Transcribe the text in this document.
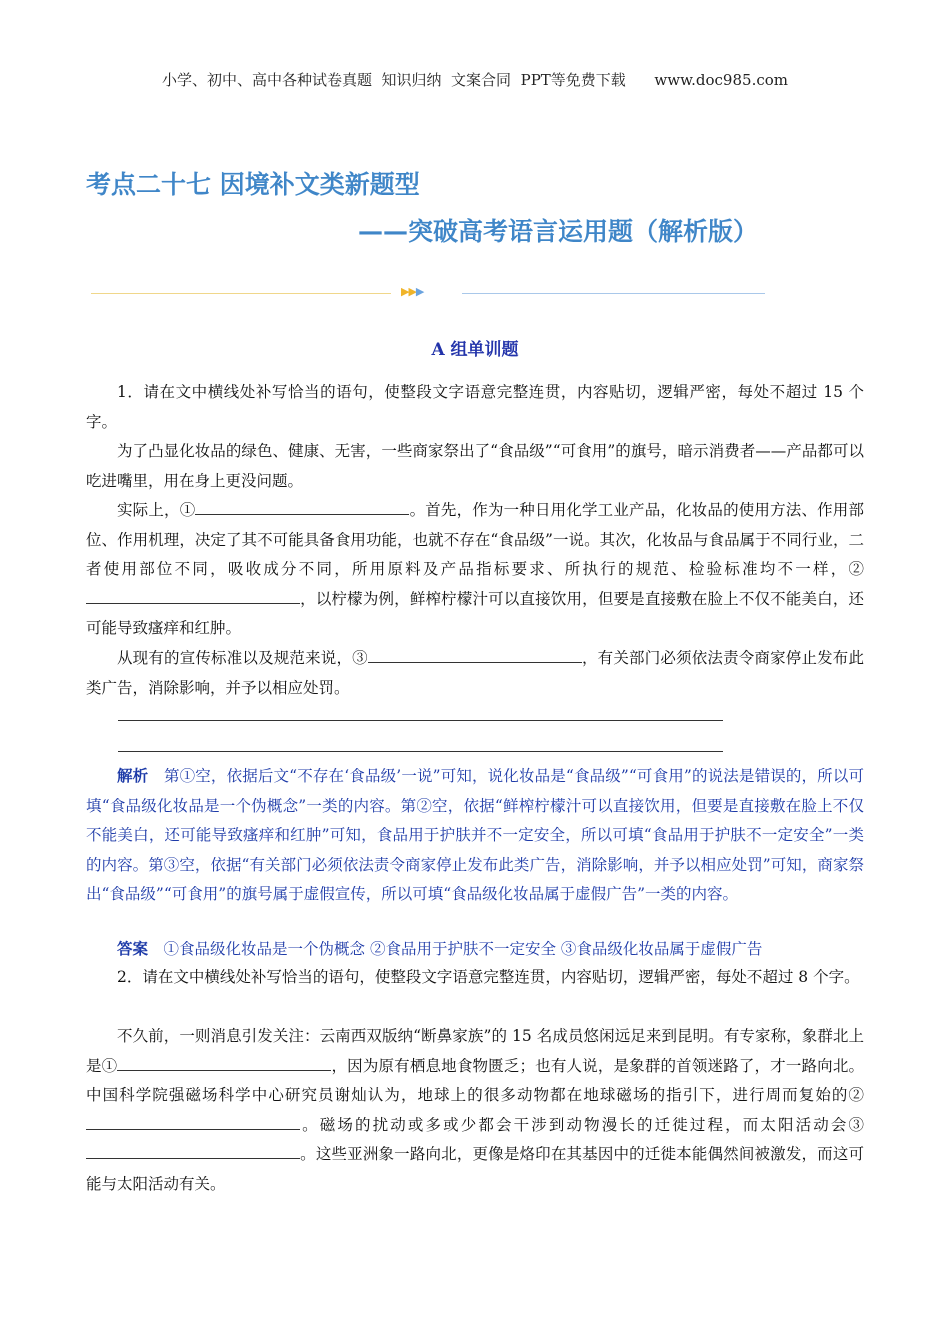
小学、初中、高中各种试卷真题  知识归纳  文案合同  PPT等免费下载      www.doc985.com
考点二十七 因境补文类新题型
——突破高考语言运用题（解析版）
▶▶▶
A 组单训题
1．请在文中横线处补写恰当的语句，使整段文字语意完整连贯，内容贴切，逻辑严密，每处不超过 15 个字。
为了凸显化妆品的绿色、健康、无害，一些商家祭出了“食品级”“可食用”的旗号，暗示消费者——产品都可以吃进嘴里，用在身上更没问题。
实际上，①	。首先，作为一种日用化学工业产品，化妆品的使用方法、作用部位、作用机理，决定了其不可能具备食用功能，也就不存在“食品级”一说。其次，化妆品与食品属于不同行业，二者使用部位不同，吸收成分不同，所用原料及产品指标要求、所执行的规范、检验标准均不一样，②，以柠檬为例，鲜榨柠檬汁可以直接饮用，但要是直接敷在脸上不仅不能美白，还可能导致瘙痒和红肿。
从现有的宣传标准以及规范来说，③	，有关部门必须依法责令商家停止发布此类广告，消除影响，并予以相应处罚。
解析　 第①空，依据后文“不存在‘食品级’一说”可知，说化妆品是“食品级”“可食用”的说法是错误的，所以可填“食品级化妆品是一个伪概念”一类的内容。第②空，依据“鲜榨柠檬汁可以直接饮用，但要是直接敷在脸上不仅不能美白，还可能导致瘙痒和红肿”可知，食品用于护肤并不一定安全，所以可填“食品用于护肤不一定安全”一类的内容。第③空，依据“有关部门必须依法责令商家停止发布此类广告，消除影响，并予以相应处罚”可知，商家祭出“食品级”“可食用”的旗号属于虚假宣传，所以可填“食品级化妆品属于虚假广告”一类的内容。
答案　 ①食品级化妆品是一个伪概念 ②食品用于护肤不一定安全 ③食品级化妆品属于虚假广告
2．请在文中横线处补写恰当的语句，使整段文字语意完整连贯，内容贴切，逻辑严密，每处不超过 8 个字。
不久前，一则消息引发关注：云南西双版纳“断鼻家族”的 15 名成员悠闲远足来到昆明。有专家称，象群北上是①	，因为原有栖息地食物匮乏；也有人说，是象群的首领迷路了，才一路向北。中国科学院强磁场科学中心研究员谢灿认为，地球上的很多动物都在地球磁场的指引下，进行周而复始的②。磁场的扰动或多或少都会干涉到动物漫长的迁徙过程，而太阳活动会③。这些亚洲象一路向北，更像是烙印在其基因中的迁徙本能偶然间被激发，而这可能与太阳活动有关。
